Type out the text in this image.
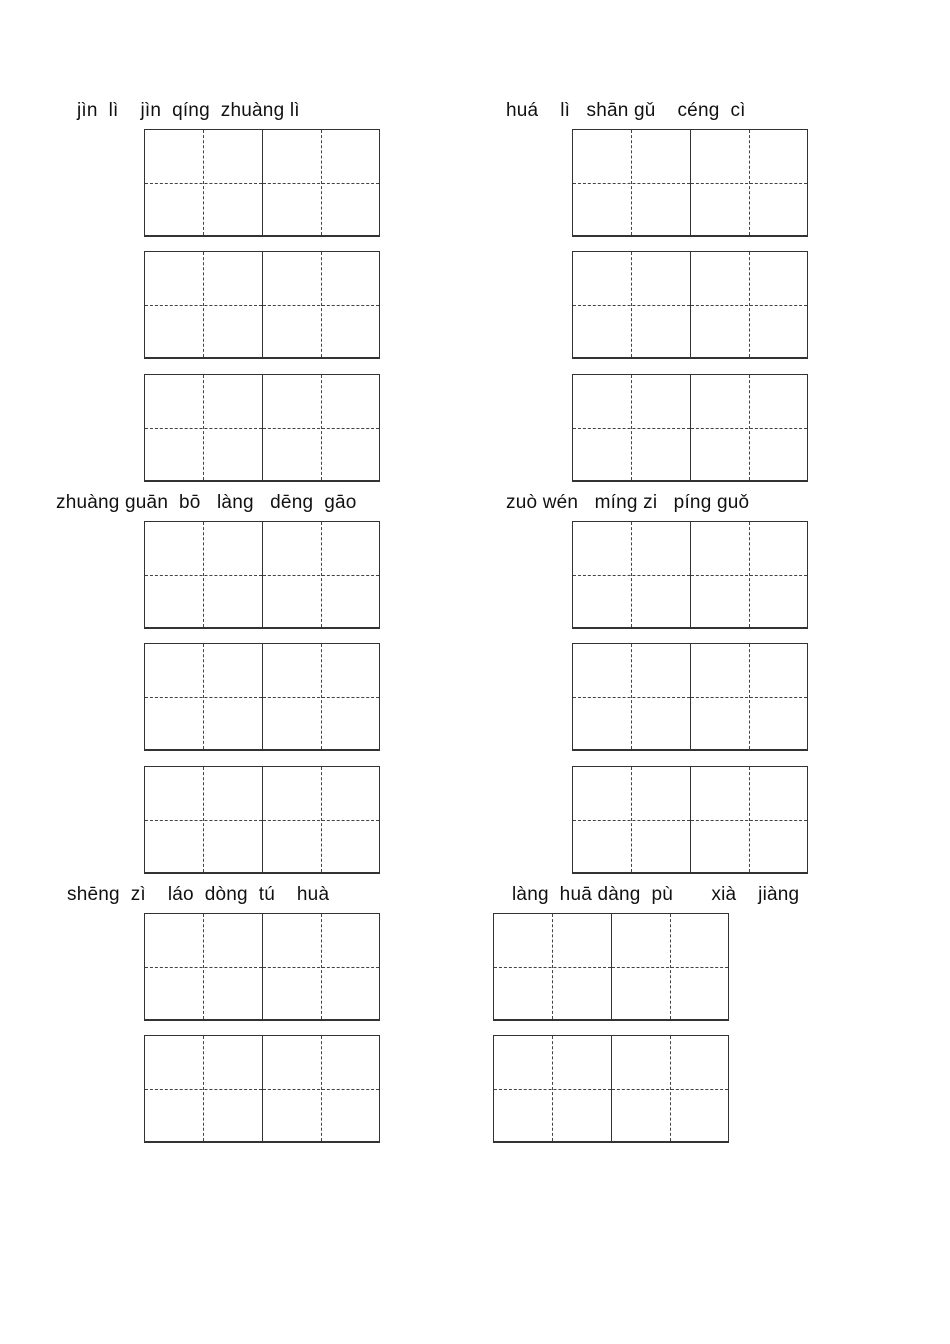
jìn  lì    jìn  qíng  zhuàng lì	huá    lì   shān gǔ    céng  cì
zhuàng guān  bō   làng   dēng  gāo	zuò wén   míng zi   píng guǒ
shēng  zì    láo  dòng  tú    huà	làng  huā dàng  pù       xià    jiàng
